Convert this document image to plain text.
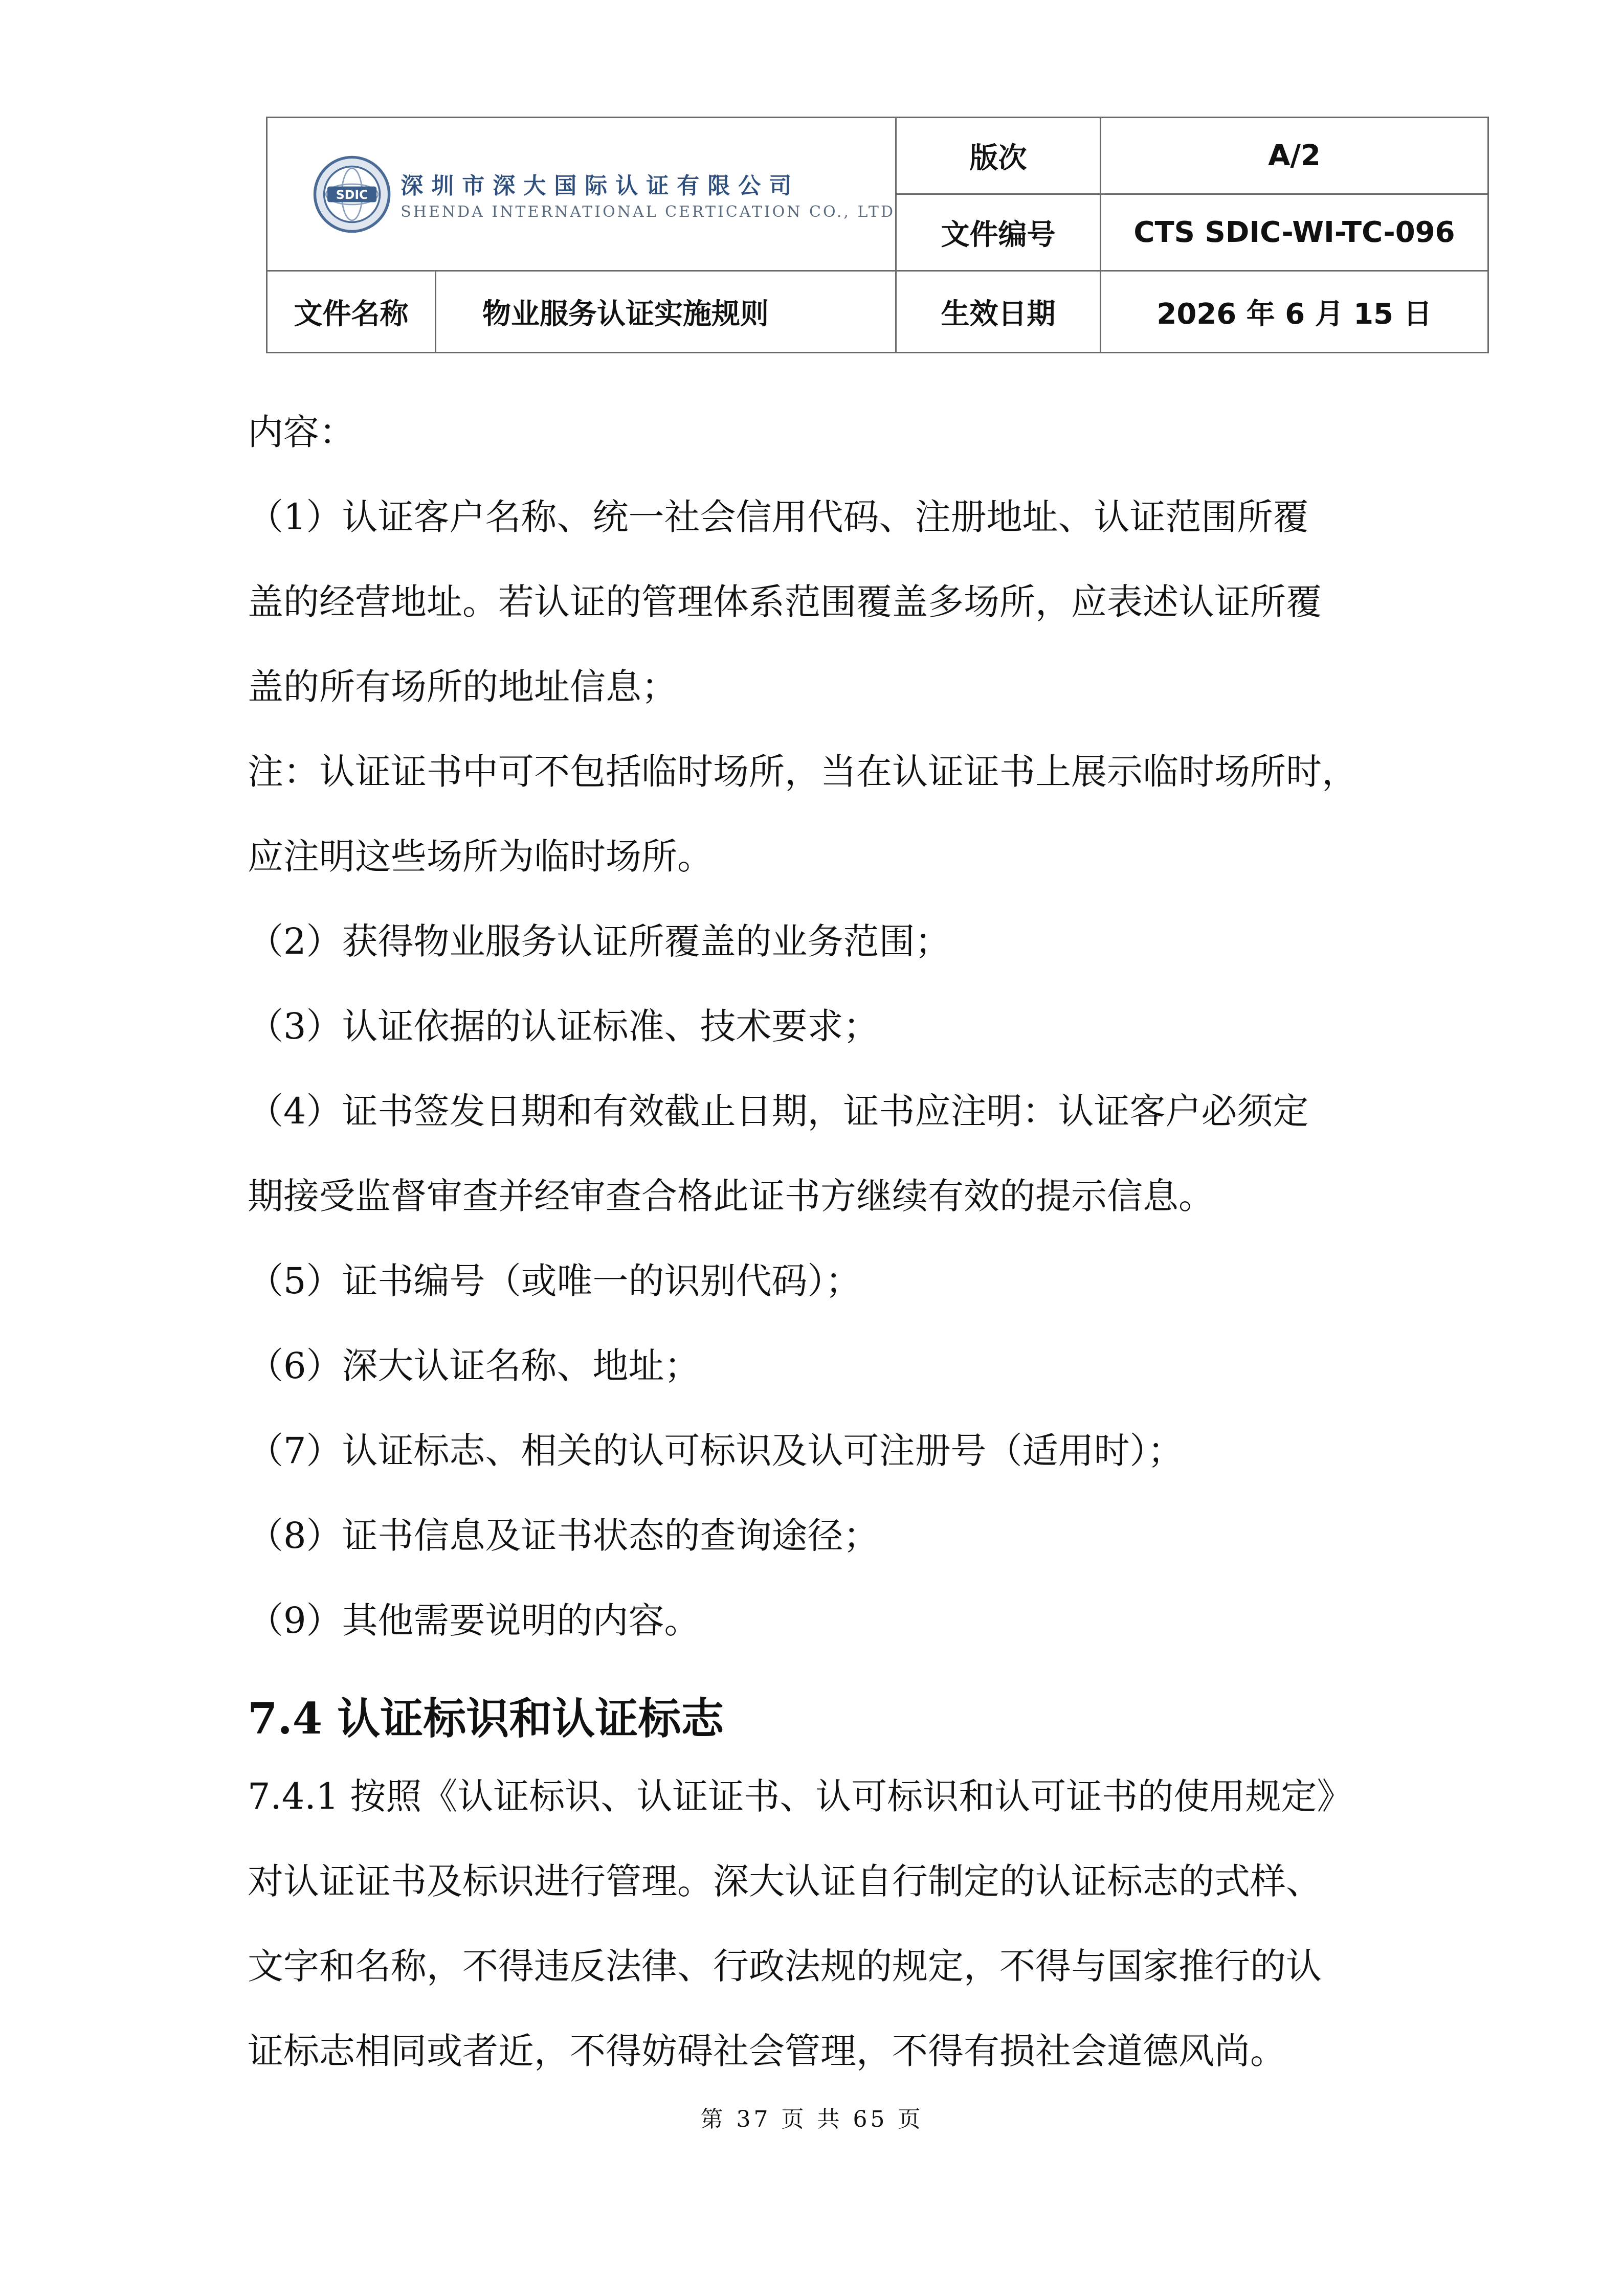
SDIC 深圳市深大国际认证有限公司
SHENDA INTERNATIONAL CERTICATION CO., LTD		版次	A/2
		文件编号	CTS SDIC-WI-TC-096
文件名称	物业服务认证实施规则	生效日期	2026 年 6 月 15 日
内容：
（1）认证客户名称、统一社会信用代码、注册地址、认证范围所覆
盖的经营地址。若认证的管理体系范围覆盖多场所，应表述认证所覆
盖的所有场所的地址信息；
注：认证证书中可不包括临时场所，当在认证证书上展示临时场所时，
应注明这些场所为临时场所。
（2）获得物业服务认证所覆盖的业务范围；
（3）认证依据的认证标准、技术要求；
（4）证书签发日期和有效截止日期，证书应注明：认证客户必须定
期接受监督审查并经审查合格此证书方继续有效的提示信息。
（5）证书编号（或唯一的识别代码）；
（6）深大认证名称、地址；
（7）认证标志、相关的认可标识及认可注册号（适用时）；
（8）证书信息及证书状态的查询途径；
（9）其他需要说明的内容。
7.4 认证标识和认证标志
7.4.1 按照《认证标识、认证证书、认可标识和认可证书的使用规定》
对认证证书及标识进行管理。深大认证自行制定的认证标志的式样、
文字和名称，不得违反法律、行政法规的规定，不得与国家推行的认
证标志相同或者近，不得妨碍社会管理，不得有损社会道德风尚。
第 37 页 共 65 页
